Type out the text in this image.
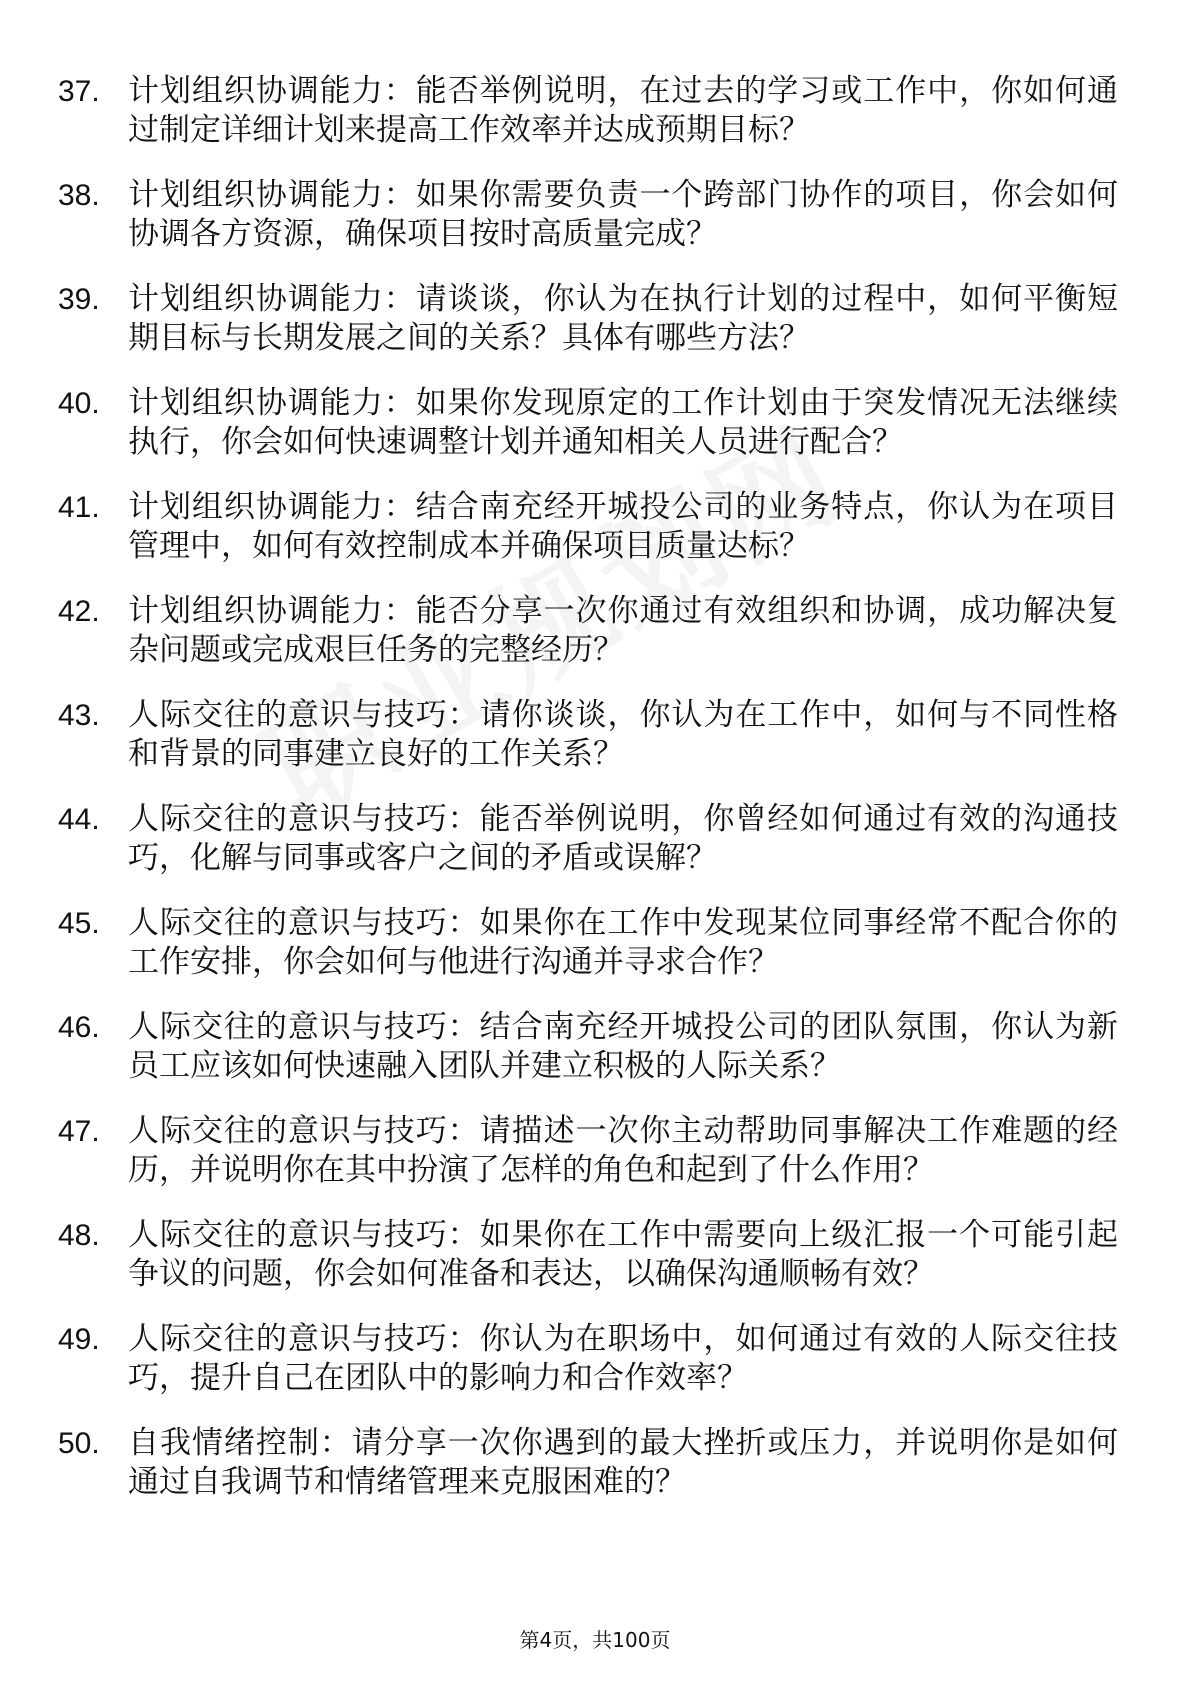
37. 计划组织协调能力：能否举例说明，在过去的学习或工作中，你如何通过制定详细计划来提高工作效率并达成预期目标？
38. 计划组织协调能力：如果你需要负责一个跨部门协作的项目，你会如何协调各方资源，确保项目按时高质量完成？
39. 计划组织协调能力：请谈谈，你认为在执行计划的过程中，如何平衡短期目标与长期发展之间的关系？具体有哪些方法？
40. 计划组织协调能力：如果你发现原定的工作计划由于突发情况无法继续执行，你会如何快速调整计划并通知相关人员进行配合？
41. 计划组织协调能力：结合南充经开城投公司的业务特点，你认为在项目管理中，如何有效控制成本并确保项目质量达标？
42. 计划组织协调能力：能否分享一次你通过有效组织和协调，成功解决复杂问题或完成艰巨任务的完整经历？
43. 人际交往的意识与技巧：请你谈谈，你认为在工作中，如何与不同性格和背景的同事建立良好的工作关系？
44. 人际交往的意识与技巧：能否举例说明，你曾经如何通过有效的沟通技巧，化解与同事或客户之间的矛盾或误解？
45. 人际交往的意识与技巧：如果你在工作中发现某位同事经常不配合你的工作安排，你会如何与他进行沟通并寻求合作？
46. 人际交往的意识与技巧：结合南充经开城投公司的团队氛围，你认为新员工应该如何快速融入团队并建立积极的人际关系？
47. 人际交往的意识与技巧：请描述一次你主动帮助同事解决工作难题的经历，并说明你在其中扮演了怎样的角色和起到了什么作用？
48. 人际交往的意识与技巧：如果你在工作中需要向上级汇报一个可能引起争议的问题，你会如何准备和表达，以确保沟通顺畅有效？
49. 人际交往的意识与技巧：你认为在职场中，如何通过有效的人际交往技巧，提升自己在团队中的影响力和合作效率？
50. 自我情绪控制：请分享一次你遇到的最大挫折或压力，并说明你是如何通过自我调节和情绪管理来克服困难的？
第4页，共100页
